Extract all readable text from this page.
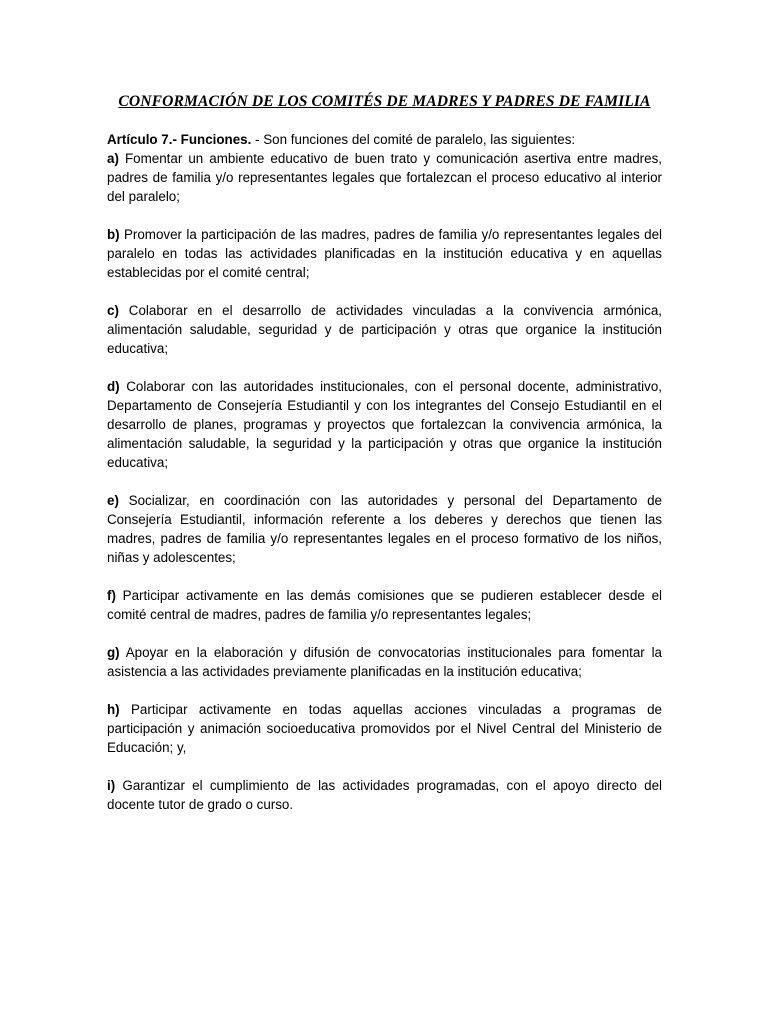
CONFORMACIÓN DE LOS COMITÉS DE MADRES Y PADRES DE FAMILIA
Artículo 7.- Funciones. - Son funciones del comité de paralelo, las siguientes:
a) Fomentar un ambiente educativo de buen trato y comunicación asertiva entre madres, padres de familia y/o representantes legales que fortalezcan el proceso educativo al interior del paralelo;
b) Promover la participación de las madres, padres de familia y/o representantes legales del paralelo en todas las actividades planificadas en la institución educativa y en aquellas establecidas por el comité central;
c) Colaborar en el desarrollo de actividades vinculadas a la convivencia armónica, alimentación saludable, seguridad y de participación y otras que organice la institución educativa;
d) Colaborar con las autoridades institucionales, con el personal docente, administrativo, Departamento de Consejería Estudiantil y con los integrantes del Consejo Estudiantil en el desarrollo de planes, programas y proyectos que fortalezcan la convivencia armónica, la alimentación saludable, la seguridad y la participación y otras que organice la institución educativa;
e) Socializar, en coordinación con las autoridades y personal del Departamento de Consejería Estudiantil, información referente a los deberes y derechos que tienen las madres, padres de familia y/o representantes legales en el proceso formativo de los niños, niñas y adolescentes;
f) Participar activamente en las demás comisiones que se pudieren establecer desde el comité central de madres, padres de familia y/o representantes legales;
g) Apoyar en la elaboración y difusión de convocatorias institucionales para fomentar la asistencia a las actividades previamente planificadas en la institución educativa;
h) Participar activamente en todas aquellas acciones vinculadas a programas de participación y animación socioeducativa promovidos por el Nivel Central del Ministerio de Educación; y,
i) Garantizar el cumplimiento de las actividades programadas, con el apoyo directo del docente tutor de grado o curso.
